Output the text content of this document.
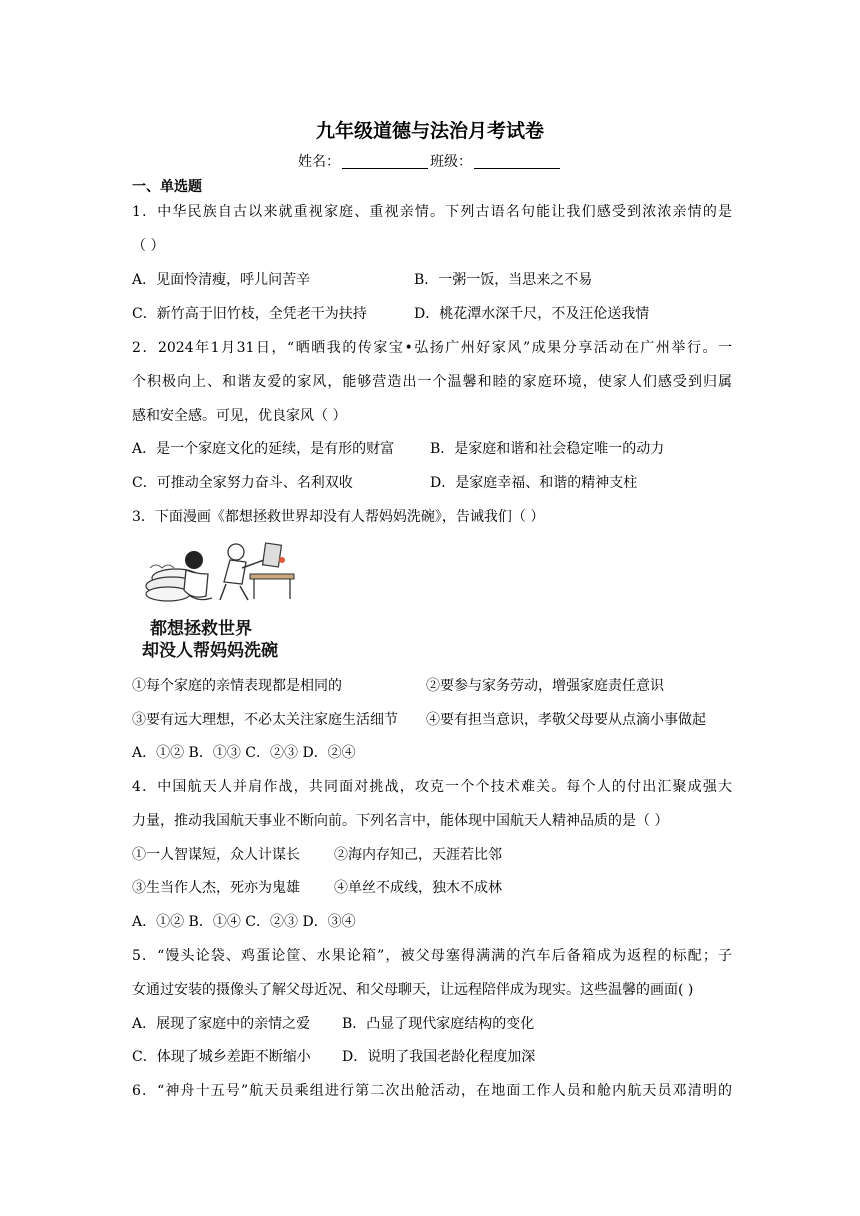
九年级道德与法治月考试卷
姓名：	班级：
一、单选题
1．中华民族自古以来就重视家庭、重视亲情。下列古语名句能让我们感受到浓浓亲情的是
（ ）
A．见面怜清瘦，呼儿问苦辛	B．一粥一饭，当思来之不易
C．新竹高于旧竹枝，全凭老干为扶持	D．桃花潭水深千尺，不及汪伦送我情
2．2024年1月31日，“晒晒我的传家宝•弘扬广州好家风”成果分享活动在广州举行。一
个积极向上、和谐友爱的家风，能够营造出一个温馨和睦的家庭环境，使家人们感受到归属
感和安全感。可见，优良家风（ ）
A．是一个家庭文化的延续，是有形的财富	B．是家庭和谐和社会稳定唯一的动力
C．可推动全家努力奋斗、名利双收	D．是家庭幸福、和谐的精神支柱
3．下面漫画《都想拯救世界却没有人帮妈妈洗碗》，告诫我们（ ）
都想拯救世界
却没人帮妈妈洗碗
①每个家庭的亲情表现都是相同的	②要参与家务劳动，增强家庭责任意识
③要有远大理想，不必太关注家庭生活细节 ④要有担当意识，孝敬父母要从点滴小事做起
A．①② B．①③ C．②③ D．②④
4．中国航天人并肩作战，共同面对挑战，攻克一个个技术难关。每个人的付出汇聚成强大
力量，推动我国航天事业不断向前。下列名言中，能体现中国航天人精神品质的是（ ）
①一人智谋短，众人计谋长 ②海内存知己，天涯若比邻
③生当作人杰，死亦为鬼雄 ④单丝不成线，独木不成林
A．①② B．①④ C．②③ D．③④
5．“馒头论袋、鸡蛋论筐、水果论箱”，被父母塞得满满的汽车后备箱成为返程的标配；子
女通过安装的摄像头了解父母近况、和父母聊天，让远程陪伴成为现实。这些温馨的画面( )
A．展现了家庭中的亲情之爱 B．凸显了现代家庭结构的变化
C．体现了城乡差距不断缩小 D．说明了我国老龄化程度加深
6．“神舟十五号”航天员乘组进行第二次出舱活动，在地面工作人员和舱内航天员邓清明的
